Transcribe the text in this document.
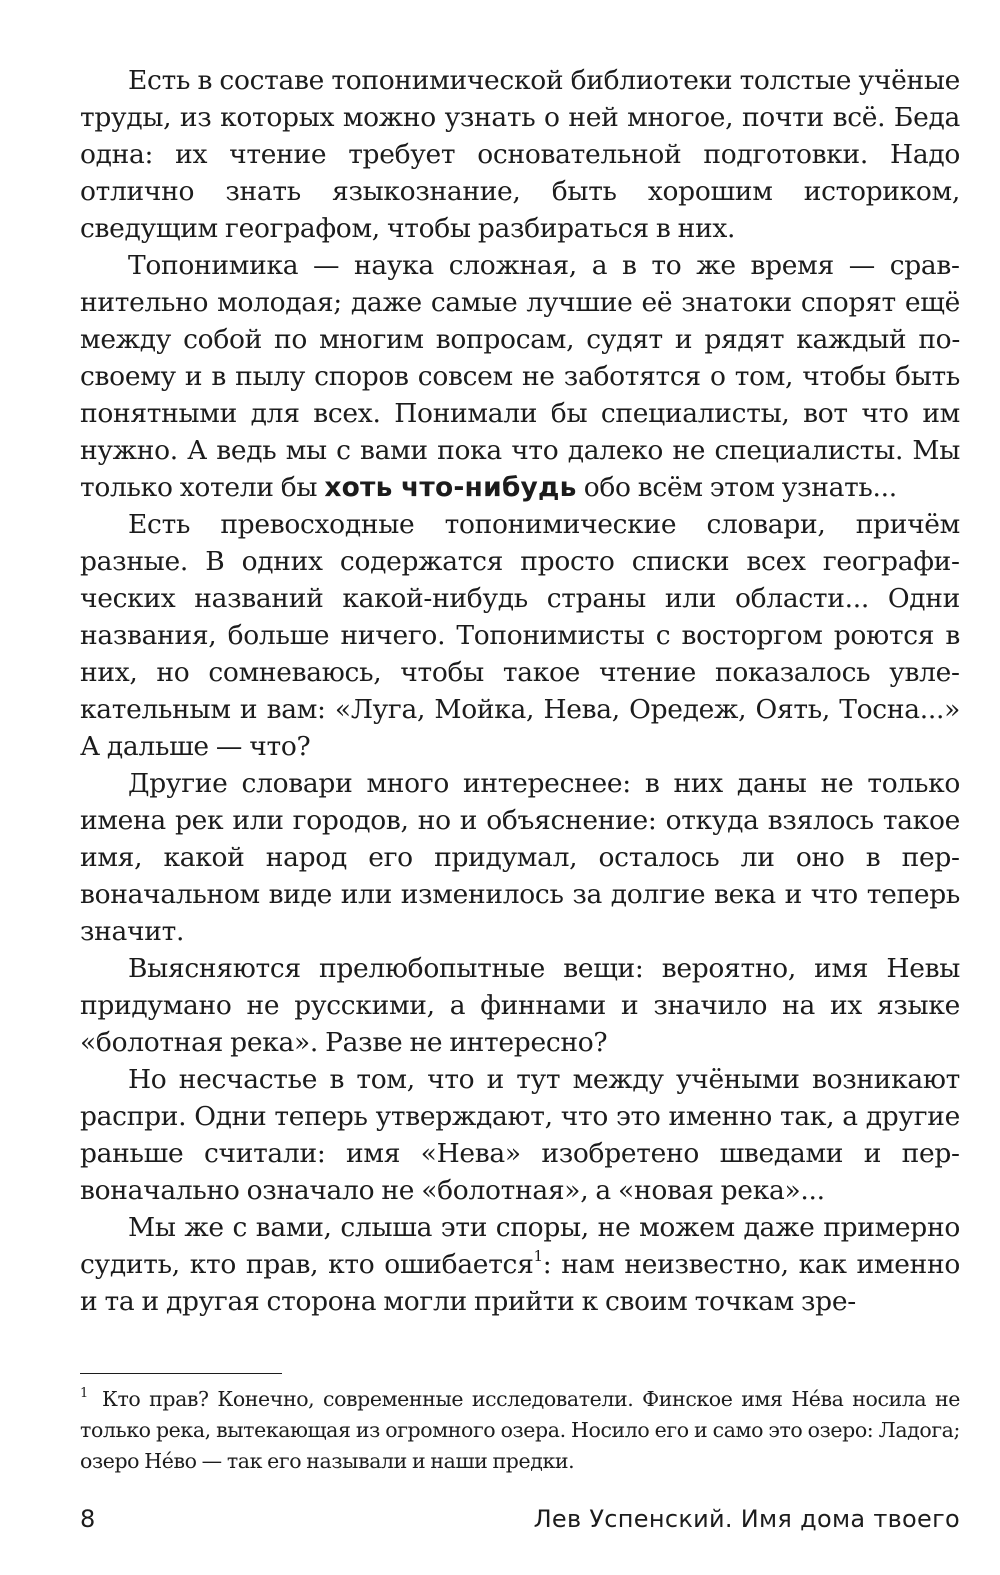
Есть в составе топонимической библиотеки толстые учёные труды, из которых можно узнать о ней многое, почти всё. Беда одна: их чтение требует основательной подготовки. Надо отлично знать языкознание, быть хорошим историком, сведущим географом, чтобы разбираться в них.

Топонимика — наука сложная, а в то же время — сравнительно молодая; даже самые лучшие её знатоки спорят ещё между собой по многим вопросам, судят и рядят каждый по-своему и в пылу споров совсем не заботятся о том, чтобы быть понятными для всех. Понимали бы специалисты, вот что им нужно. А ведь мы с вами пока что далеко не специалисты. Мы только хотели бы хоть что-нибудь обо всём этом узнать...

Есть превосходные топонимические словари, причём разные. В одних содержатся просто списки всех географических названий какой-нибудь страны или области... Одни названия, больше ничего. Топонимисты с восторгом роются в них, но сомневаюсь, чтобы такое чтение показалось увлекательным и вам: «Луга, Мойка, Нева, Оредеж, Оять, Тосна...» А дальше — что?

Другие словари много интереснее: в них даны не только имена рек или городов, но и объяснение: откуда взялось такое имя, какой народ его придумал, осталось ли оно в первоначальном виде или изменилось за долгие века и что теперь значит.

Выясняются прелюбопытные вещи: вероятно, имя Невы придумано не русскими, а финнами и значило на их языке «болотная река». Разве не интересно?

Но несчастье в том, что и тут между учёными возникают распри. Одни теперь утверждают, что это именно так, а другие раньше считали: имя «Нева» изобретено шведами и первоначально означало не «болотная», а «новая река»...

Мы же с вами, слыша эти споры, не можем даже примерно судить, кто прав, кто ошибается$^1$: нам неизвестно, как именно и та и другая сторона могли прийти к своим точкам зре-

1 Кто прав? Конечно, современные исследователи. Финское имя Нéва носила не только река, вытекающая из огромного озера. Носило его и само это озеро: Ладога; озеро Нéво — так его называли и наши предки.
8	Лев Успенский. Имя дома твоего
